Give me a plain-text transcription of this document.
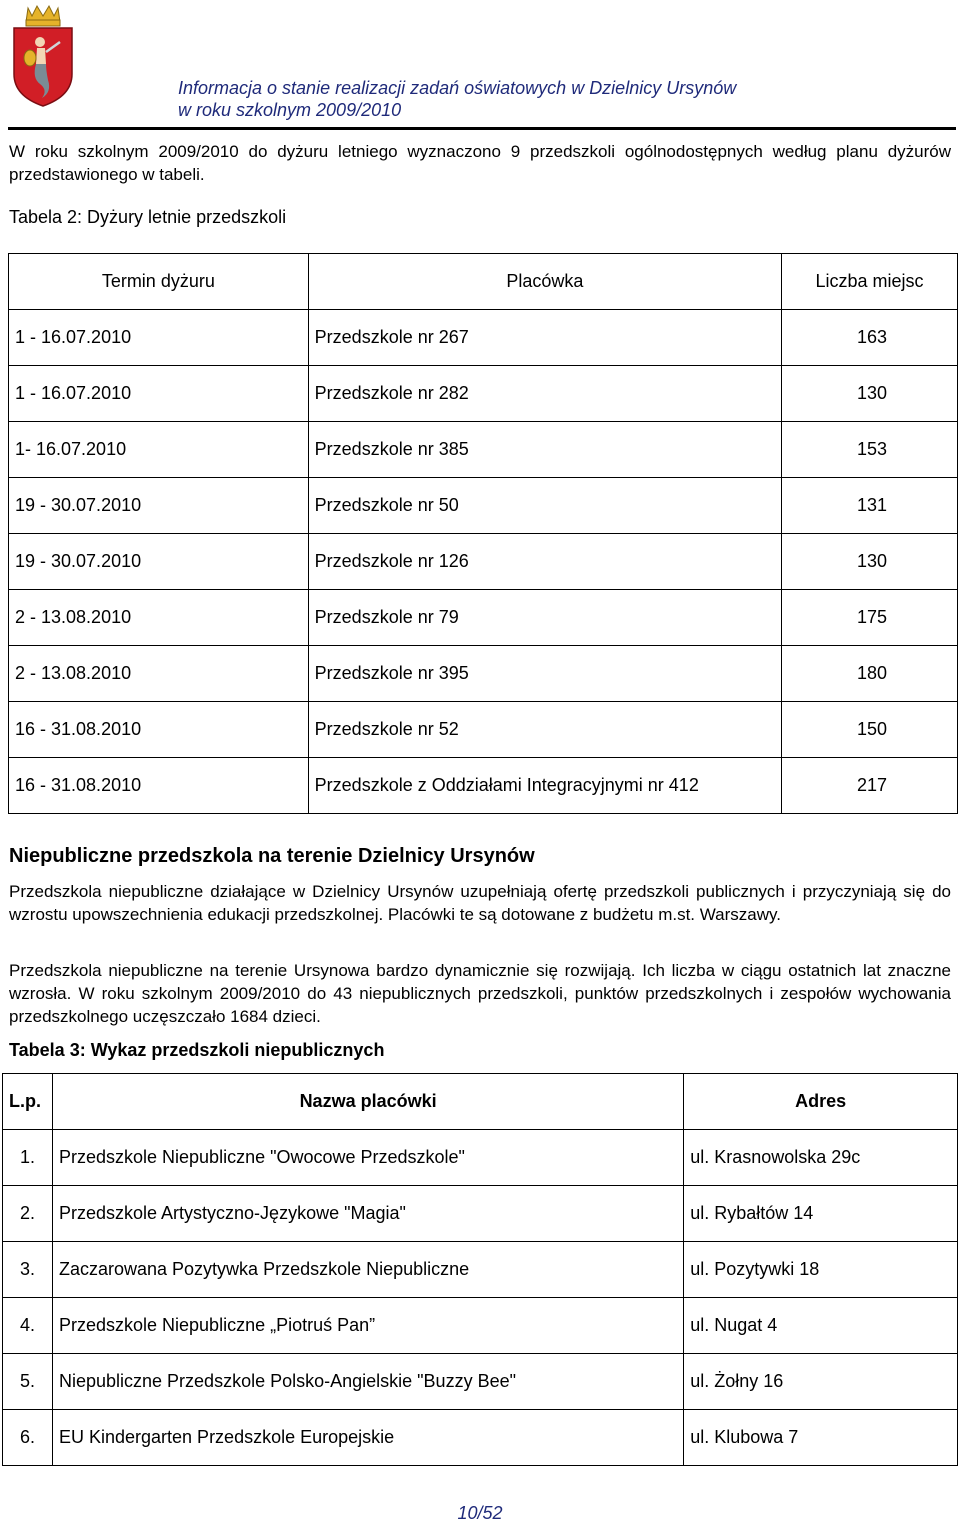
Informacja o stanie realizacji zadań oświatowych w Dzielnicy Ursynów
w roku szkolnym 2009/2010
W roku szkolnym 2009/2010 do dyżuru letniego wyznaczono 9 przedszkoli ogólnodostępnych według planu dyżurów przedstawionego w tabeli.
Tabela 2: Dyżury letnie przedszkoli
Termin dyżuru	Placówka	Liczba miejsc
1 - 16.07.2010	Przedszkole nr 267	163
1 - 16.07.2010	Przedszkole nr 282	130
1- 16.07.2010	Przedszkole nr 385	153
19 - 30.07.2010	Przedszkole nr 50	131
19 - 30.07.2010	Przedszkole nr 126	130
2 - 13.08.2010	Przedszkole nr 79	175
2 - 13.08.2010	Przedszkole nr 395	180
16 - 31.08.2010	Przedszkole nr 52	150
16 - 31.08.2010	Przedszkole z Oddziałami Integracyjnymi nr 412	217
Niepubliczne przedszkola na terenie Dzielnicy Ursynów
Przedszkola niepubliczne działające w Dzielnicy Ursynów uzupełniają ofertę przedszkoli publicznych i przyczyniają się do wzrostu upowszechnienia edukacji przedszkolnej. Placówki te są dotowane z budżetu m.st. Warszawy.
Przedszkola niepubliczne na terenie Ursynowa bardzo dynamicznie się rozwijają. Ich liczba w ciągu ostatnich lat znaczne wzrosła. W roku szkolnym 2009/2010 do 43 niepublicznych przedszkoli, punktów przedszkolnych i zespołów wychowania przedszkolnego uczęszczało 1684 dzieci.
Tabela 3: Wykaz przedszkoli niepublicznych
L.p.	Nazwa placówki	Adres
1.	Przedszkole Niepubliczne "Owocowe Przedszkole"	ul. Krasnowolska 29c
2.	Przedszkole Artystyczno-Językowe "Magia"	ul. Rybałtów 14
3.	Zaczarowana Pozytywka Przedszkole Niepubliczne	ul. Pozytywki 18
4.	Przedszkole Niepubliczne „Piotruś Pan”	ul. Nugat 4
5.	Niepubliczne Przedszkole Polsko-Angielskie "Buzzy Bee"	ul. Żołny 16
6.	EU Kindergarten Przedszkole Europejskie	ul. Klubowa 7
10/52
